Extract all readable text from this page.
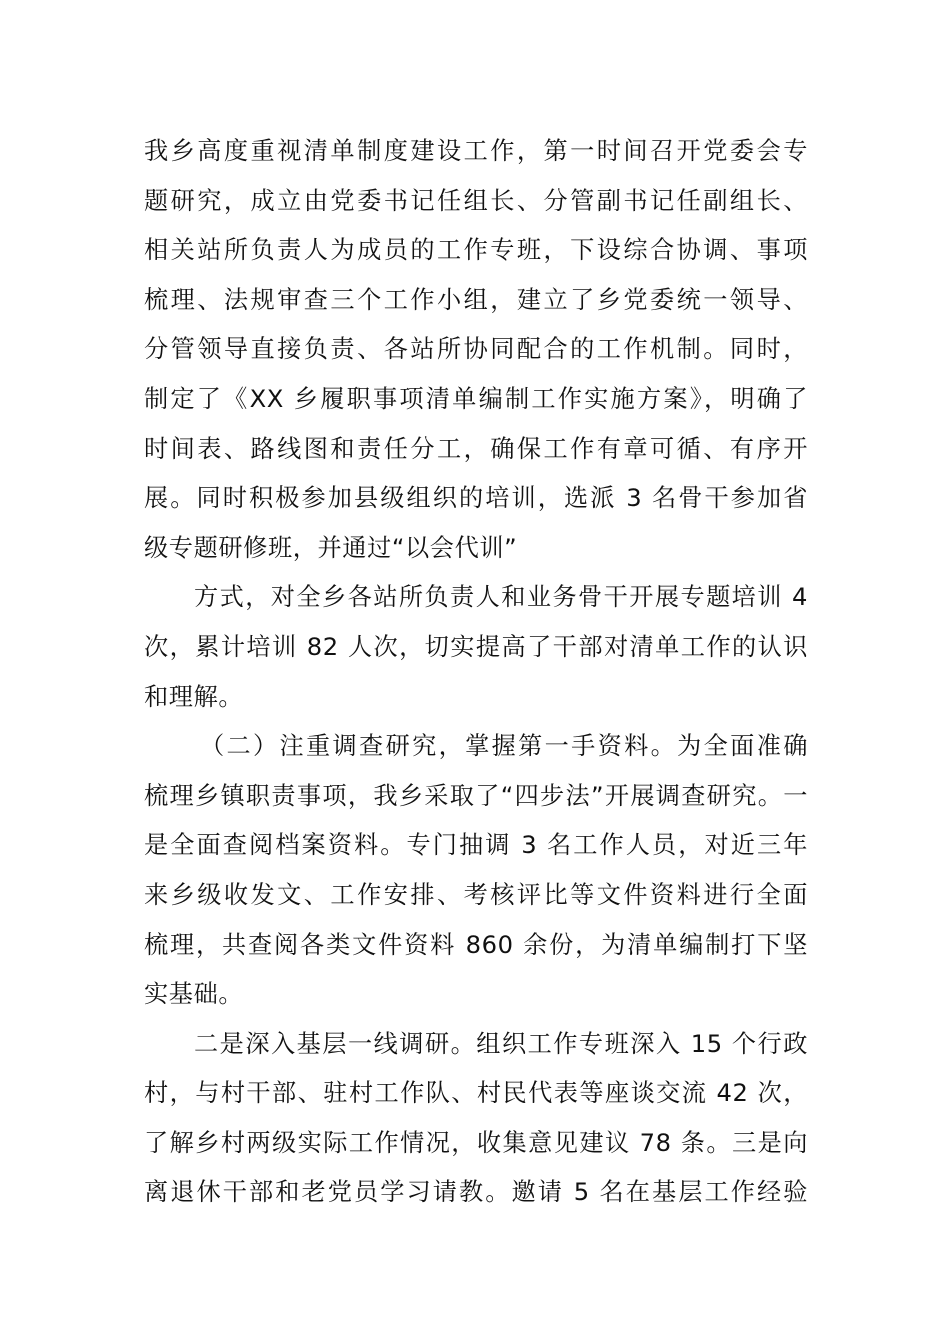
我乡高度重视清单制度建设工作，第一时间召开党委会专
题研究，成立由党委书记任组长、分管副书记任副组长、
相关站所负责人为成员的工作专班，下设综合协调、事项
梳理、法规审查三个工作小组，建立了乡党委统一领导、
分管领导直接负责、各站所协同配合的工作机制。同时，
制定了《XX 乡履职事项清单编制工作实施方案》，明确了
时间表、路线图和责任分工，确保工作有章可循、有序开
展。同时积极参加县级组织的培训，选派 3 名骨干参加省
级专题研修班，并通过“以会代训”
方式，对全乡各站所负责人和业务骨干开展专题培训 4
次，累计培训 82 人次，切实提高了干部对清单工作的认识
和理解。
（二）注重调查研究，掌握第一手资料。为全面准确
梳理乡镇职责事项，我乡采取了“四步法”开展调查研究。一
是全面查阅档案资料。专门抽调 3 名工作人员，对近三年
来乡级收发文、工作安排、考核评比等文件资料进行全面
梳理，共查阅各类文件资料 860 余份，为清单编制打下坚
实基础。
二是深入基层一线调研。组织工作专班深入 15 个行政
村，与村干部、驻村工作队、村民代表等座谈交流 42 次，
了解乡村两级实际工作情况，收集意见建议 78 条。三是向
离退休干部和老党员学习请教。邀请 5 名在基层工作经验
